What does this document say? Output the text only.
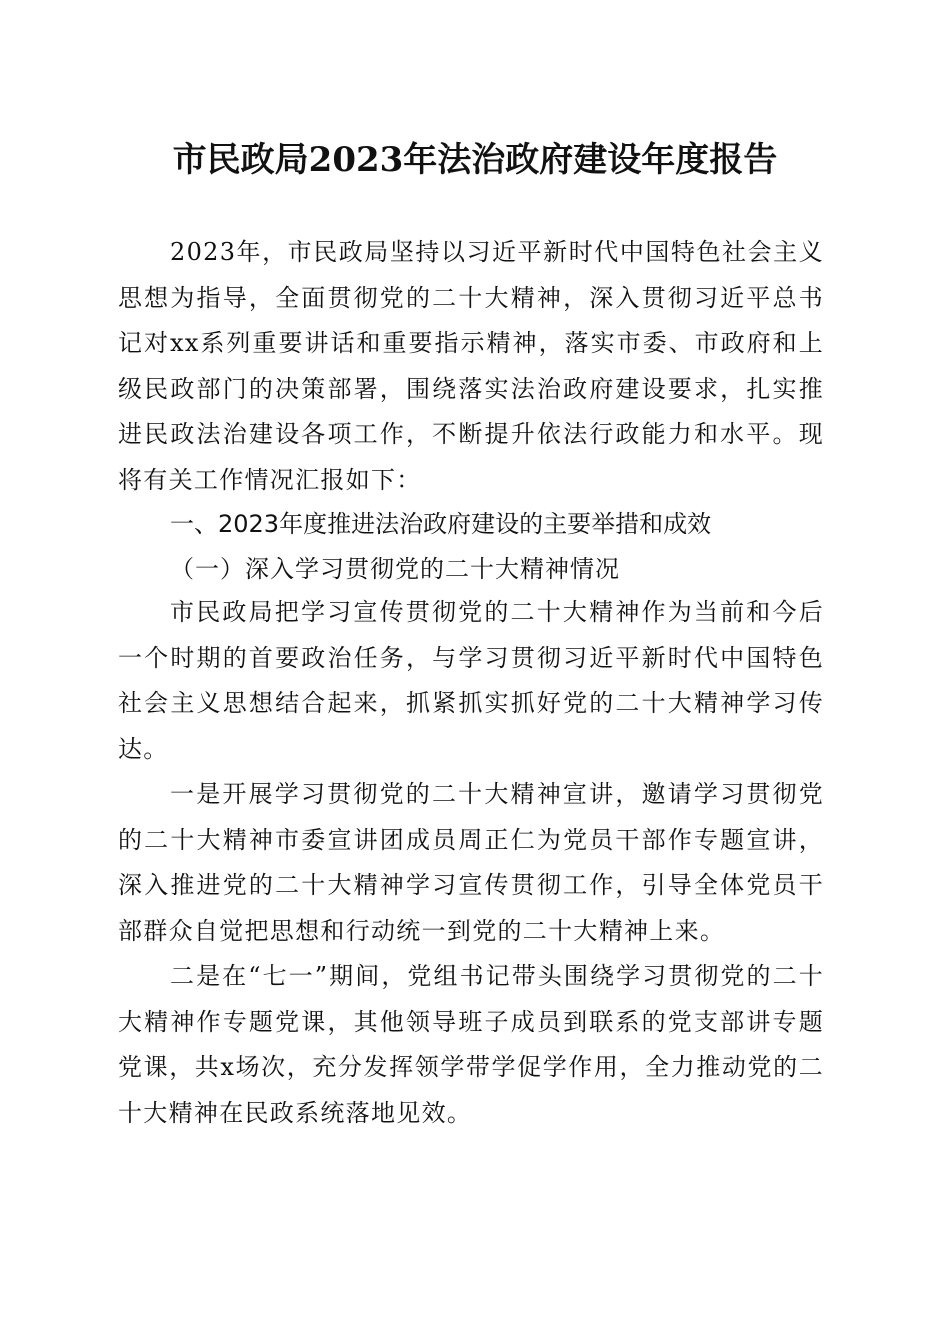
市民政局2023年法治政府建设年度报告

2023年，市民政局坚持以习近平新时代中国特色社会主义思想为指导，全面贯彻党的二十大精神，深入贯彻习近平总书记对xx系列重要讲话和重要指示精神，落实市委、市政府和上级民政部门的决策部署，围绕落实法治政府建设要求，扎实推进民政法治建设各项工作，不断提升依法行政能力和水平。现将有关工作情况汇报如下：

一、2023年度推进法治政府建设的主要举措和成效

（一）深入学习贯彻党的二十大精神情况

市民政局把学习宣传贯彻党的二十大精神作为当前和今后一个时期的首要政治任务，与学习贯彻习近平新时代中国特色社会主义思想结合起来，抓紧抓实抓好党的二十大精神学习传达。

一是开展学习贯彻党的二十大精神宣讲，邀请学习贯彻党的二十大精神市委宣讲团成员周正仁为党员干部作专题宣讲，深入推进党的二十大精神学习宣传贯彻工作，引导全体党员干部群众自觉把思想和行动统一到党的二十大精神上来。

二是在“七一”期间，党组书记带头围绕学习贯彻党的二十大精神作专题党课，其他领导班子成员到联系的党支部讲专题党课，共x场次，充分发挥领学带学促学作用，全力推动党的二十大精神在民政系统落地见效。
